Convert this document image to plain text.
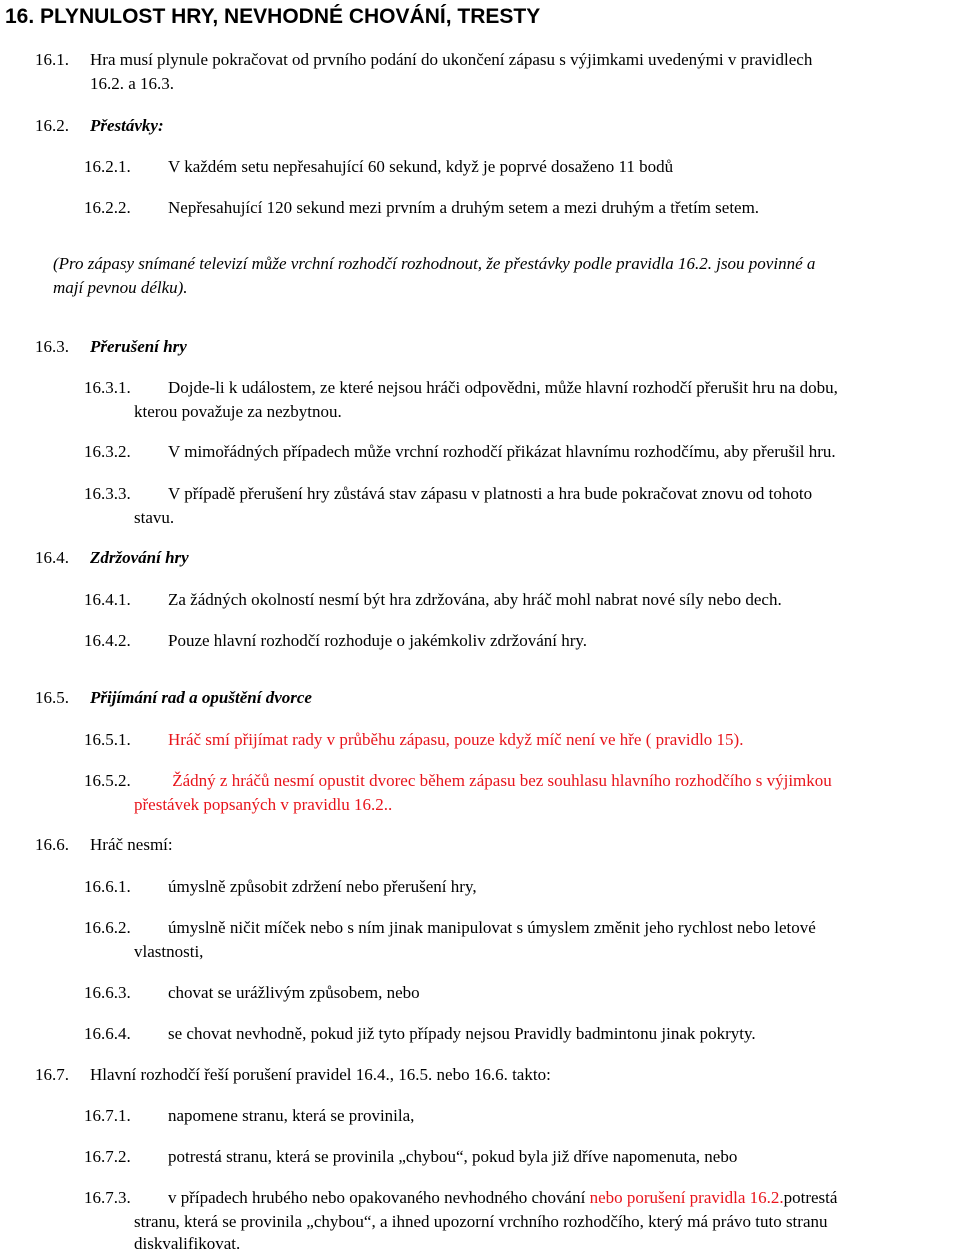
16. PLYNULOST HRY, NEVHODNÉ CHOVÁNÍ, TRESTY
16.1. Hra musí plynule pokračovat od prvního podání do ukončení zápasu s výjimkami uvedenými v pravidlech
16.2. a 16.3.
16.2. Přestávky:
16.2.1. V každém setu nepřesahující 60 sekund, když je poprvé dosaženo 11 bodů
16.2.2. Nepřesahující 120 sekund mezi prvním a druhým setem a mezi druhým a třetím setem.
(Pro zápasy snímané televizí může vrchní rozhodčí rozhodnout, že přestávky podle pravidla 16.2. jsou povinné a
mají pevnou délku).
16.3. Přerušení hry
16.3.1. Dojde-li k událostem, ze které nejsou hráči odpovědni, může hlavní rozhodčí přerušit hru na dobu,
kterou považuje za nezbytnou.
16.3.2. V mimořádných případech může vrchní rozhodčí přikázat hlavnímu rozhodčímu, aby přerušil hru.
16.3.3. V případě přerušení hry zůstává stav zápasu v platnosti a hra bude pokračovat znovu od tohoto
stavu.
16.4. Zdržování hry
16.4.1. Za žádných okolností nesmí být hra zdržována, aby hráč mohl nabrat nové síly nebo dech.
16.4.2. Pouze hlavní rozhodčí rozhoduje o jakémkoliv zdržování hry.
16.5. Přijímání rad a opuštění dvorce
16.5.1. Hráč smí přijímat rady v průběhu zápasu, pouze když míč není ve hře ( pravidlo 15).
16.5.2. Žádný z hráčů nesmí opustit dvorec během zápasu bez souhlasu hlavního rozhodčího s výjimkou
přestávek popsaných v pravidlu 16.2..
16.6. Hráč nesmí:
16.6.1. úmyslně způsobit zdržení nebo přerušení hry,
16.6.2. úmyslně ničit míček nebo s ním jinak manipulovat s úmyslem změnit jeho rychlost nebo letové
vlastnosti,
16.6.3. chovat se urážlivým způsobem, nebo
16.6.4. se chovat nevhodně, pokud již tyto případy nejsou Pravidly badmintonu jinak pokryty.
16.7. Hlavní rozhodčí řeší porušení pravidel 16.4., 16.5. nebo 16.6. takto:
16.7.1. napomene stranu, která se provinila,
16.7.2. potrestá stranu, která se provinila „chybou“, pokud byla již dříve napomenuta, nebo
16.7.3. v případech hrubého nebo opakovaného nevhodného chování nebo porušení pravidla 16.2.potrestá
stranu, která se provinila „chybou“, a ihned upozorní vrchního rozhodčího, který má právo tuto stranu
diskvalifikovat.
